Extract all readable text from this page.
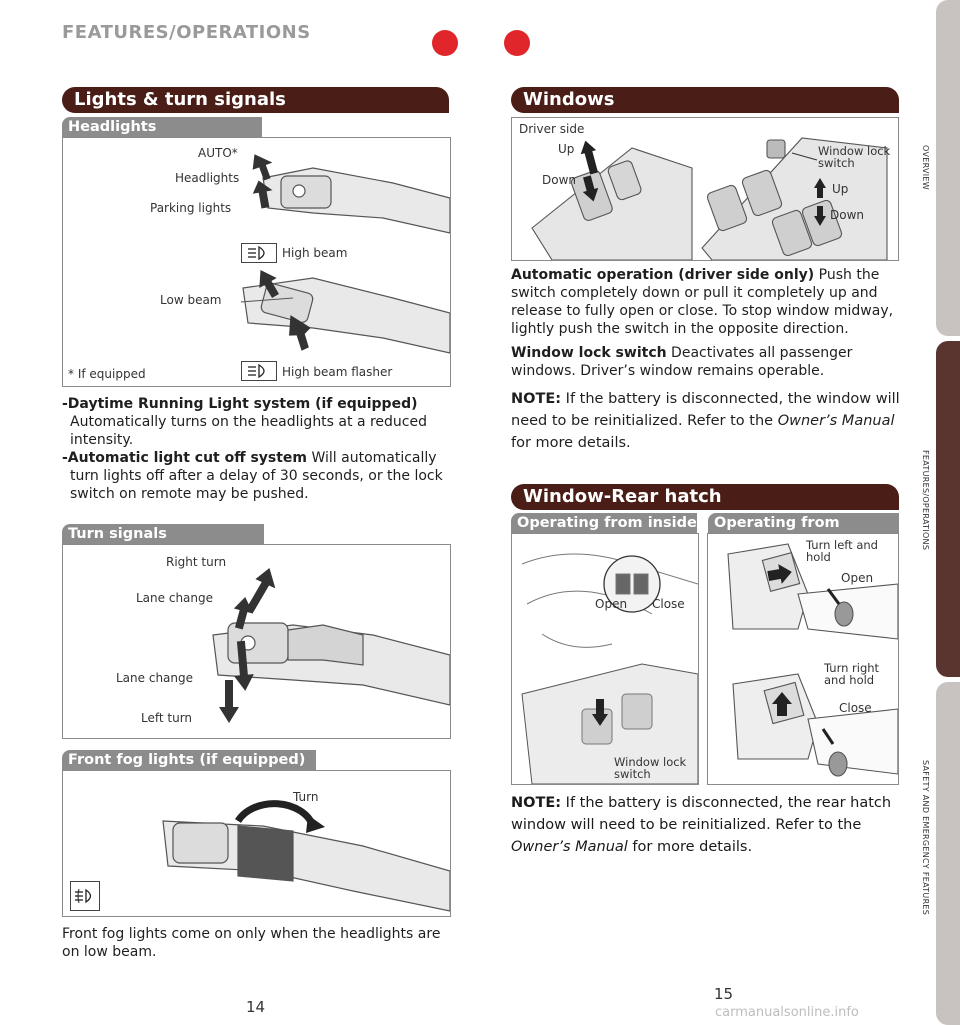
FEATURES/OPERATIONS
OVERVIEW
FEATURES/OPERATIONS
SAFETY AND EMERGENCY FEATURES
Lights & turn signals
Headlights
AUTO*
Headlights
Parking lights
High beam
Low beam
* If equipped	High beam flasher
-Daytime Running Light system (if equipped)
Automatically turns on the headlights at a reduced intensity.
-Automatic light cut off system Will automatically
turn lights off after a delay of 30 seconds, or the lock switch on remote may be pushed.
Turn signals
Right turn
Lane change
Lane change
Left turn
Front fog lights (if equipped)
Turn
Front fog lights come on only when the headlights are on low beam.
14
Windows
Driver side
Up
Down
Window lock switch
Up
Down
Automatic operation (driver side only) Push the switch completely down or pull it completely up and release to fully open or close. To stop window midway, lightly push the switch in the opposite direction.
Window lock switch Deactivates all passenger windows. Driver’s window remains operable.
NOTE: If the battery is disconnected, the window will need to be reinitialized. Refer to the Owner’s Manual for more details.
Window-Rear hatch
Operating from inside	Operating from
Open Close
Window lock switch
Turn left and hold
Open
Turn right and hold
Close
NOTE: If the battery is disconnected, the rear hatch window will need to be reinitialized. Refer to the Owner’s Manual for more details.
15
carmanualsonline.info
